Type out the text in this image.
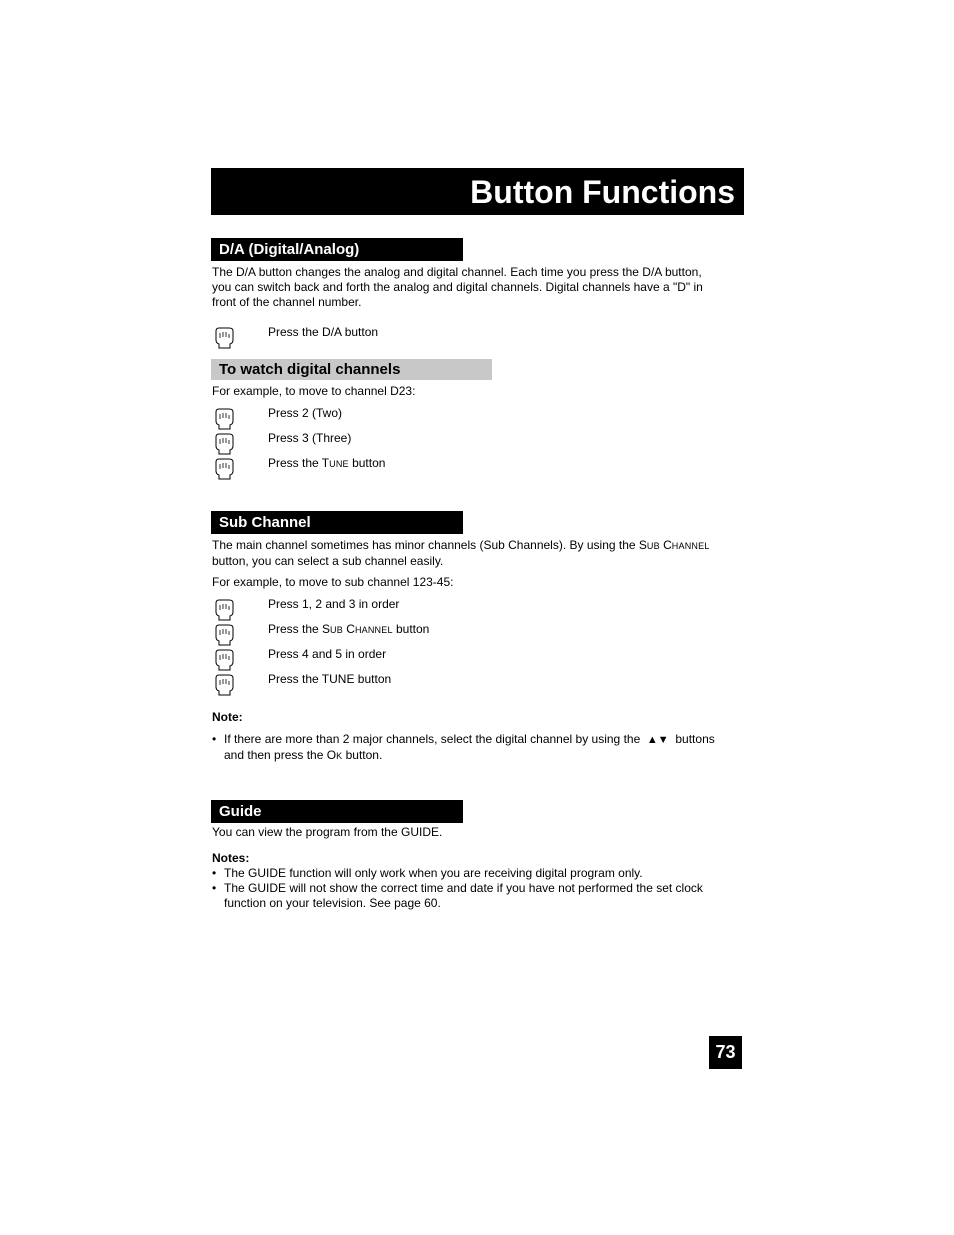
Button Functions
D/A (Digital/Analog)
The D/A button changes the analog and digital channel. Each time you press the D/A button,
you can switch back and forth the analog and digital channels. Digital channels have a "D" in
front of the channel number.
Press the D/A button
To watch digital channels
For example, to move to channel D23:
Press 2 (Two)
Press 3 (Three)
Press the TUNE button
Sub Channel
The main channel sometimes has minor channels (Sub Channels). By using the SUB CHANNEL
button, you can select a sub channel easily.
For example, to move to sub channel 123-45:
Press 1, 2 and 3 in order
Press the SUB CHANNEL button
Press 4 and 5 in order
Press the TUNE button
Note:
• If there are more than 2 major channels, select the digital channel by using the ▲▼ buttons
and then press the OK button.
Guide
You can view the program from the GUIDE.
Notes:
• The GUIDE function will only work when you are receiving digital program only.
• The GUIDE will not show the correct time and date if you have not performed the set clock
function on your television. See page 60.
73
